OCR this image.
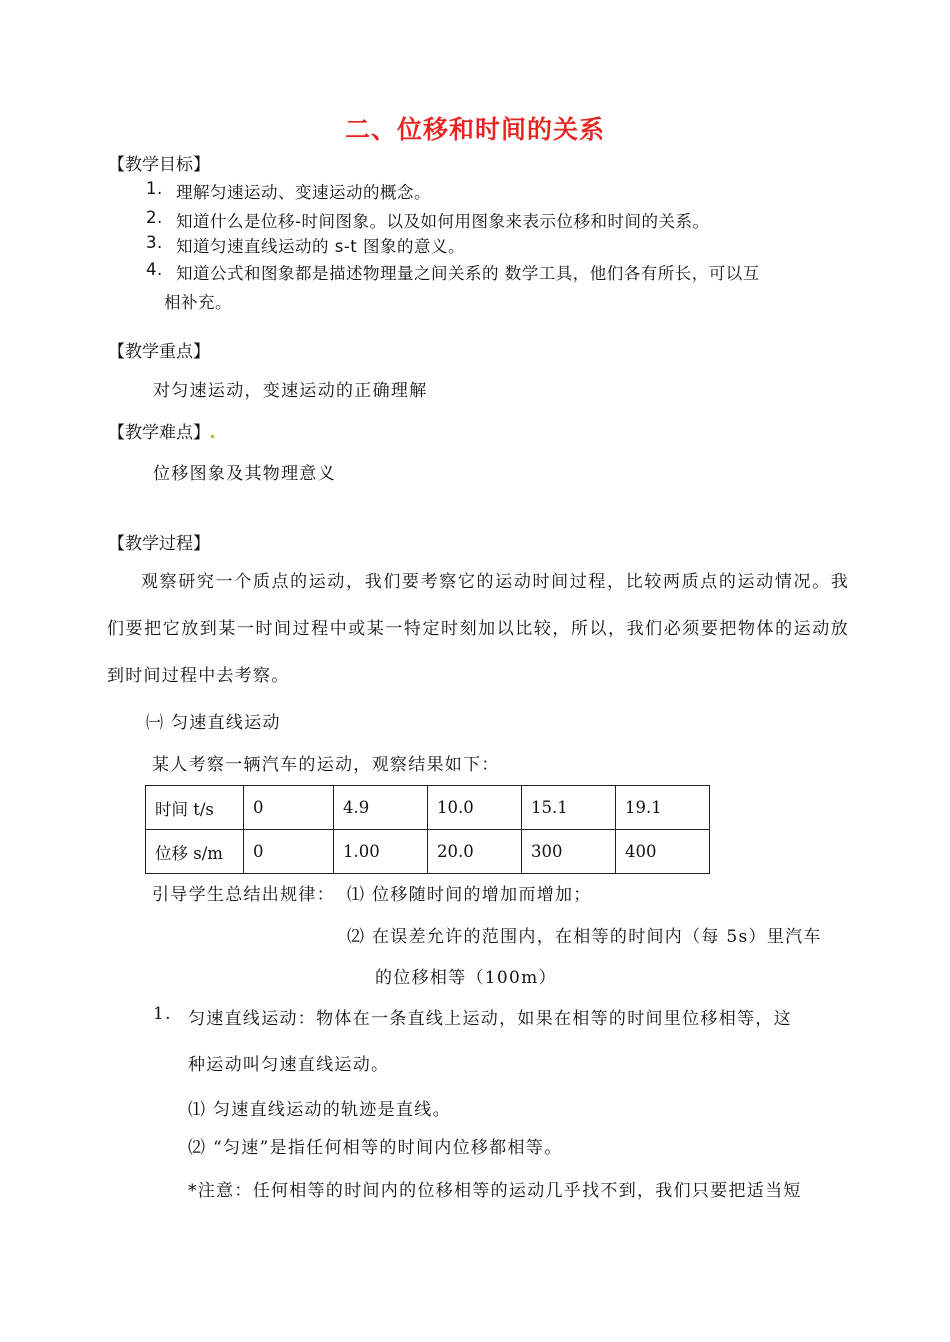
二、位移和时间的关系
【教学目标】
1. 理解匀速运动、变速运动的概念。
2. 知道什么是位移-时间图象。以及如何用图象来表示位移和时间的关系。
3. 知道匀速直线运动的 s-t 图象的意义。
4. 知道公式和图象都是描述物理量之间关系的 数学工具，他们各有所长，可以互
相补充。
【教学重点】
对匀速运动，变速运动的正确理解
【教学难点】
位移图象及其物理意义
【教学过程】
观察研究一个质点的运动，我们要考察它的运动时间过程，比较两质点的运动情况。我们要把它放到某一时间过程中或某一特定时刻加以比较，所以，我们必须要把物体的运动放到时间过程中去考察。
㈠ 匀速直线运动
某人考察一辆汽车的运动，观察结果如下：
时间 t/s	0	4.9	10.0	15.1	19.1
位移 s/m	0	1.00	20.0	300	400
引导学生总结出规律： ⑴ 位移随时间的增加而增加；
⑵ 在误差允许的范围内，在相等的时间内（每 5s）里汽车
的位移相等（100m）
1. 匀速直线运动：物体在一条直线上运动，如果在相等的时间里位移相等，这
种运动叫匀速直线运动。
⑴ 匀速直线运动的轨迹是直线。
⑵ “匀速”是指任何相等的时间内位移都相等。
*注意：任何相等的时间内的位移相等的运动几乎找不到，我们只要把适当短
